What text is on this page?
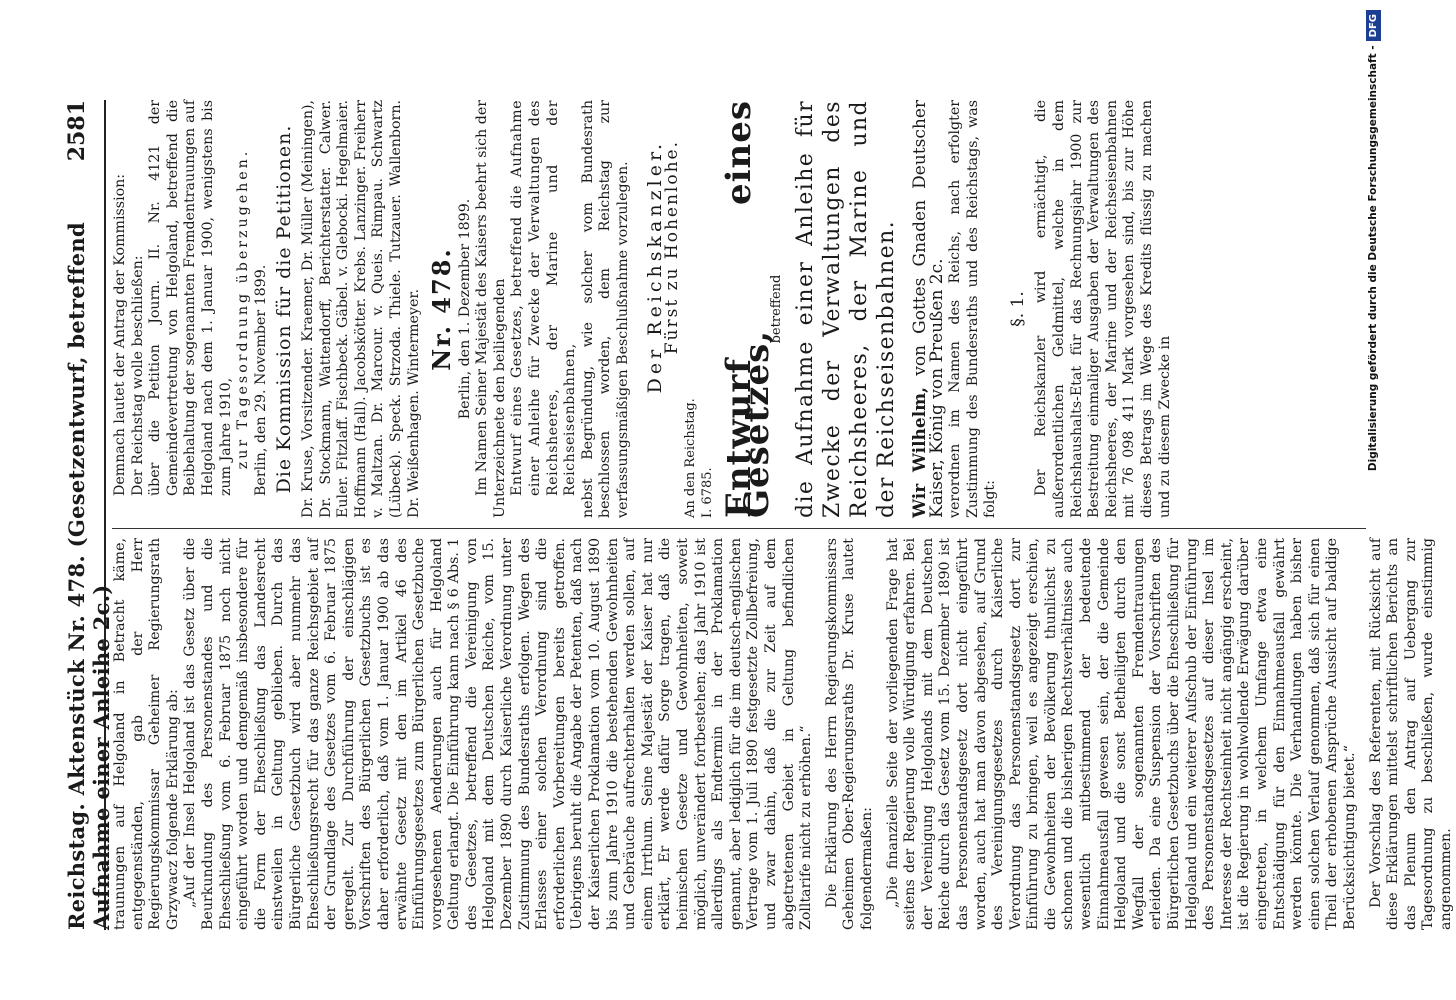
Reichstag. Aktenstück Nr. 478. (Gesetzentwurf, betreffend Aufnahme einer Anleihe 2c.)
2581

traunungen auf Helgoland in Betracht käme, entgegenständen, gab der Herr Regierungskommissar Geheimer Regierungsrath Grzywacz folgende Erklärung ab: „Auf der Insel Helgoland ist das Gesetz über die Beurkundung des Personenstandes und die Eheschließung vom 6. Februar 1875 noch nicht eingeführt worden und demgemäß insbesondere für die Form der Eheschließung das Landesrecht einstweilen in Geltung geblieben. Durch das Bürgerliche Gesetzbuch wird aber nunmehr das Eheschließungsrecht für das ganze Reichsgebiet auf der Grundlage des Gesetzes vom 6. Februar 1875 geregelt. Zur Durchführung der einschlägigen Vorschriften des Bürgerlichen Gesetzbuchs ist es daher erforderlich, daß vom 1. Januar 1900 ab das erwähnte Gesetz mit den im Artikel 46 des Einführungsgesetzes zum Bürgerlichen Gesetzbuche vorgesehenen Aenderungen auch für Helgoland Geltung erlangt. Die Einführung kann nach § 6 Abs. 1 des Gesetzes, betreffend die Vereinigung von Helgoland mit dem Deutschen Reiche, vom 15. Dezember 1890 durch Kaiserliche Verordnung unter Zustimmung des Bundesraths erfolgen. Wegen des Erlasses einer solchen Verordnung sind die erforderlichen Vorbereitungen bereits getroffen. Uebrigens beruht die Angabe der Petenten, daß nach der Kaiserlichen Proklamation vom 10. August 1890 bis zum Jahre 1910 die bestehenden Gewohnheiten und Gebräuche aufrechterhalten werden sollen, auf einem Irrthum. Seine Majestät der Kaiser hat nur erklärt, Er werde dafür Sorge tragen, daß die heimischen Gesetze und Gewohnheiten, soweit möglich, unverändert fortbestehen; das Jahr 1910 ist allerdings als Endtermin in der Proklamation genannt, aber lediglich für die im deutsch-englischen Vertrage vom 1. Juli 1890 festgesetzte Zollbefreiung, und zwar dahin, daß die zur Zeit auf dem abgetretenen Gebiet in Geltung befindlichen Zolltarife nicht zu erhöhen.“ Die Erklärung des Herrn Regierungskommissars Geheimen Ober-Regierungsraths Dr. Kruse lautet folgendermaßen: „Die finanzielle Seite der vorliegenden Frage hat seitens der Regierung volle Würdigung erfahren. Bei der Vereinigung Helgolands mit dem Deutschen Reiche durch das Gesetz vom 15. Dezember 1890 ist das Personenstandsgesetz dort nicht eingeführt worden, auch hat man davon abgesehen, auf Grund des Vereinigungsgesetzes durch Kaiserliche Verordnung das Personenstandsgesetz dort zur Einführung zu bringen, weil es angezeigt erschien, die Gewohnheiten der Bevölkerung thunlichst zu schonen und die bisherigen Rechtsverhältnisse auch wesentlich mitbestimmend der bedeutende Einnahmeausfall gewesen sein, der die Gemeinde Helgoland und die sonst Betheiligten durch den Wegfall der sogenannten Fremdentrauungen erleiden. Da eine Suspension der Vorschriften des Bürgerlichen Gesetzbuchs über die Eheschließung für Helgoland und ein weiterer Aufschub der Einführung des Personenstandsgesetzes auf dieser Insel im Interesse der Rechtseinheit nicht angängig erscheint, ist die Regierung in wohlwollende Erwägung darüber eingetreten, in welchem Umfange etwa eine Entschädigung für den Einnahmeausfall gewährt werden könnte. Die Verhandlungen haben bisher einen solchen Verlauf genommen, daß sich für einen Theil der erhobenen Ansprüche Aussicht auf baldige Berücksichtigung bietet.“ Der Vorschlag des Referenten, mit Rücksicht auf diese Erklärungen mittelst schriftlichen Berichts an das Plenum den Antrag auf Uebergang zur Tagesordnung zu beschließen, wurde einstimmig angenommen.

Demnach lautet der Antrag der Kommission: Der Reichstag wolle beschließen: über die Petition Journ. II. Nr. 4121 der Gemeindevertretung von Helgoland, betreffend die Beibehaltung der sogenannten Fremdentrauungen auf Helgoland nach dem 1. Januar 1900, wenigstens bis zum Jahre 1910, zur Tagesordnung überzugehen. Berlin, den 29. November 1899. Die Kommission für die Petitionen. Dr. Kruse, Vorsitzender. Kraemer, Dr. Müller (Meiningen), Dr. Stockmann, Wattendorff, Berichterstatter. Calwer. Euler. Fitzlaff. Fischbeck. Gäbel. v. Glebocki. Hegelmaier. Hoffmann (Hall). Jacobskötter. Krebs. Lanzinger. Freiherr v. Maltzan. Dr. Marcour. v. Queis. Rimpau. Schwartz (Lübeck). Speck. Strzoda. Thiele. Tutzauer. Wallenborn. Dr. Weißenhagen. Wintermeyer. Nr. 478. Berlin, den 1. Dezember 1899. Im Namen Seiner Majestät des Kaisers beehrt sich der Unterzeichnete den beiliegenden Entwurf eines Gesetzes, betreffend die Aufnahme einer Anleihe für Zwecke der Verwaltungen des Reichsheeres, der Marine und der Reichseisenbahnen, nebst Begründung, wie solcher vom Bundesrath beschlossen worden, dem Reichstag zur verfassungsmäßigen Beschlußnahme vorzulegen. Der Reichskanzler.

Fürst zu Hohenlohe.

An den Reichstag. I. 6785. Entwurf eines Gesetzes,

betreffend die Aufnahme einer Anleihe für Zwecke der Verwaltungen des Reichsheeres, der Marine und der Reichseisenbahnen. Wir Wilhelm, von Gottes Gnaden Deutscher Kaiser, König von Preußen 2c. verordnen im Namen des Reichs, nach erfolgter Zustimmung des Bundesraths und des Reichstags, was folgt:

§. 1. Der Reichskanzler wird ermächtigt, die außerordentlichen Geldmittel, welche in dem Reichshaushalts-Etat für das Rechnungsjahr 1900 zur Bestreitung einmaliger Ausgaben der Verwaltungen des Reichsheeres, der Marine und der Reichseisenbahnen mit 76 098 411 Mark vorgesehen sind, bis zur Höhe dieses Betrags im Wege des Kredits flüssig zu machen und zu diesem Zwecke in	Digitalisierung gefördert durch die Deutsche Forschungsgemeinschaft -
DFG
